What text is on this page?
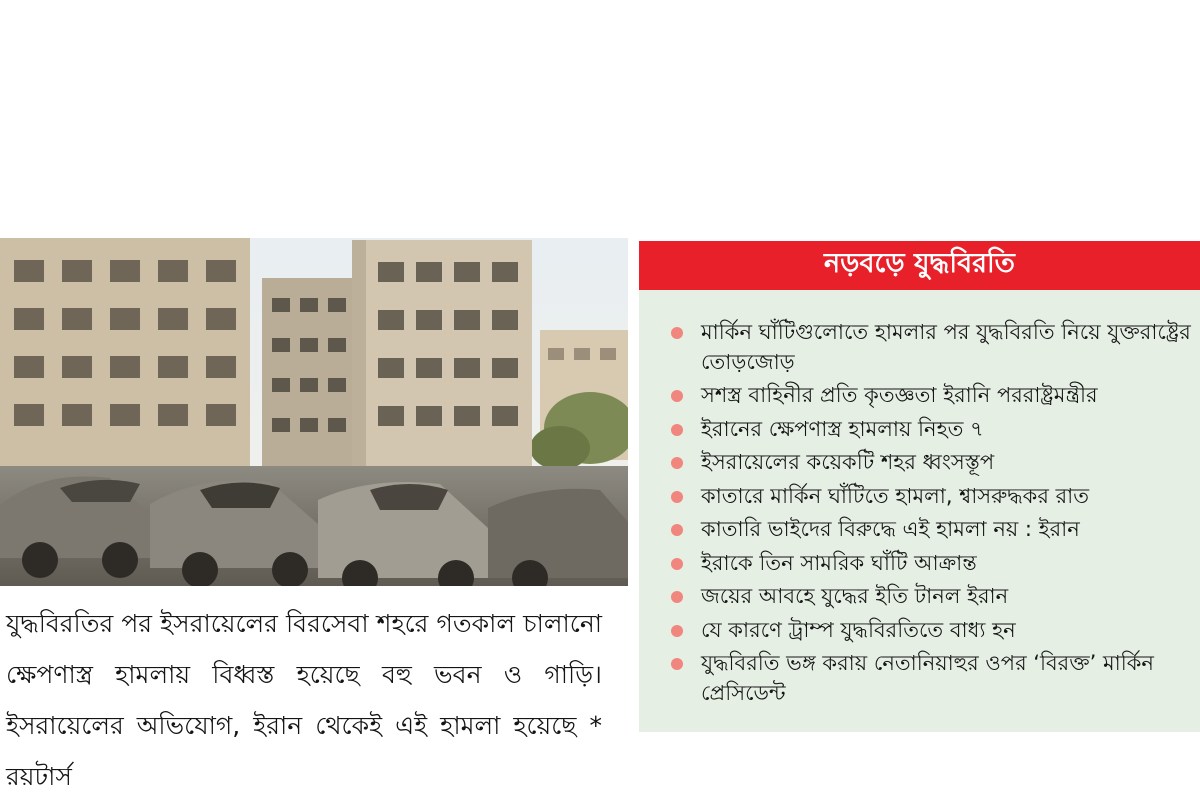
যুদ্ধবিরতির পর ইসরায়েলের বিরসেবা শহরে গতকাল চালানো ক্ষেপণাস্ত্র হামলায় বিধ্বস্ত হয়েছে বহু ভবন ও গাড়ি। ইসরায়েলের অভিযোগ, ইরান থেকেই এই হামলা হয়েছে * রয়টার্স
নড়বড়ে যুদ্ধবিরতি
মার্কিন ঘাঁটিগুলোতে হামলার পর যুদ্ধবিরতি নিয়ে যুক্তরাষ্ট্রের তোড়জোড়
সশস্ত্র বাহিনীর প্রতি কৃতজ্ঞতা ইরানি পররাষ্ট্রমন্ত্রীর
ইরানের ক্ষেপণাস্ত্র হামলায় নিহত ৭
ইসরায়েলের কয়েকটি শহর ধ্বংসস্তূপ
কাতারে মার্কিন ঘাঁটিতে হামলা, শ্বাসরুদ্ধকর রাত
কাতারি ভাইদের বিরুদ্ধে এই হামলা নয় : ইরান
ইরাকে তিন সামরিক ঘাঁটি আক্রান্ত
জয়ের আবহে যুদ্ধের ইতি টানল ইরান
যে কারণে ট্রাম্প যুদ্ধবিরতিতে বাধ্য হন
যুদ্ধবিরতি ভঙ্গ করায় নেতানিয়াহুর ওপর ‘বিরক্ত’ মার্কিন প্রেসিডেন্ট
